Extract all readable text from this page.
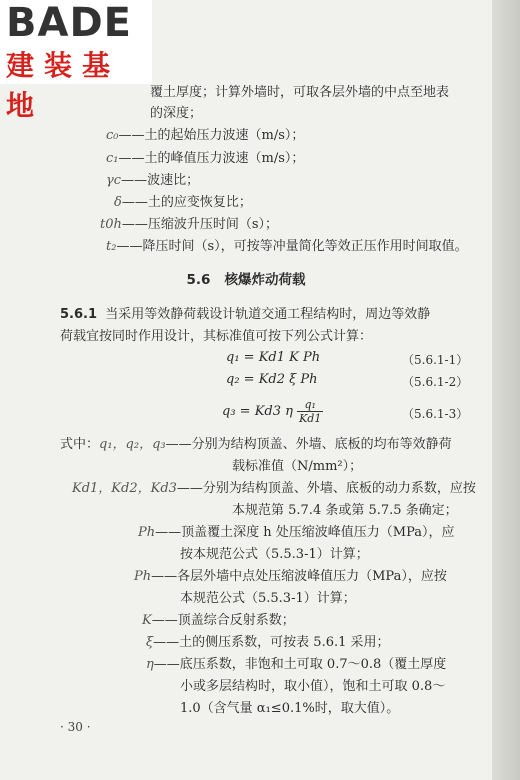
BADE
建装基地	覆土厚度；计算外墙时，可取各层外墙的中点至地表
的深度；
c₀——土的起始压力波速（m/s）；
c₁——土的峰值压力波速（m/s）；
γc——波速比；
δ——土的应变恢复比；
t0h——压缩波升压时间（s）；
t₂——降压时间（s），可按等冲量简化等效正压作用时间取值。
5.6 核爆炸动荷载
5.6.1 当采用等效静荷载设计轨道交通工程结构时，周边等效静
荷载宜按同时作用设计，其标准值可按下列公式计算：
q₁ = Kd1 K Ph	（5.6.1-1）
q₂ = Kd2 ξ Ph	（5.6.1-2）
q₃ = Kd3 η $\frac{\text{q₁}}{Kd1}$	（5.6.1-3）
式中：q₁，q₂，q₃——分别为结构顶盖、外墙、底板的均布等效静荷
载标准值（N/mm²）；
Kd1，Kd2，Kd3——分别为结构顶盖、外墙、底板的动力系数，应按
本规范第 5.7.4 条或第 5.7.5 条确定；
Ph——顶盖覆土深度 h 处压缩波峰值压力（MPa），应
按本规范公式（5.5.3-1）计算；
Ph——各层外墙中点处压缩波峰值压力（MPa），应按
本规范公式（5.5.3-1）计算；
K——顶盖综合反射系数；
ξ——土的侧压系数，可按表 5.6.1 采用；
η——底压系数，非饱和土可取 0.7～0.8（覆土厚度
小或多层结构时，取小值），饱和土可取 0.8～
1.0（含气量 α₁≤0.1%时，取大值）。
· 30 ·
